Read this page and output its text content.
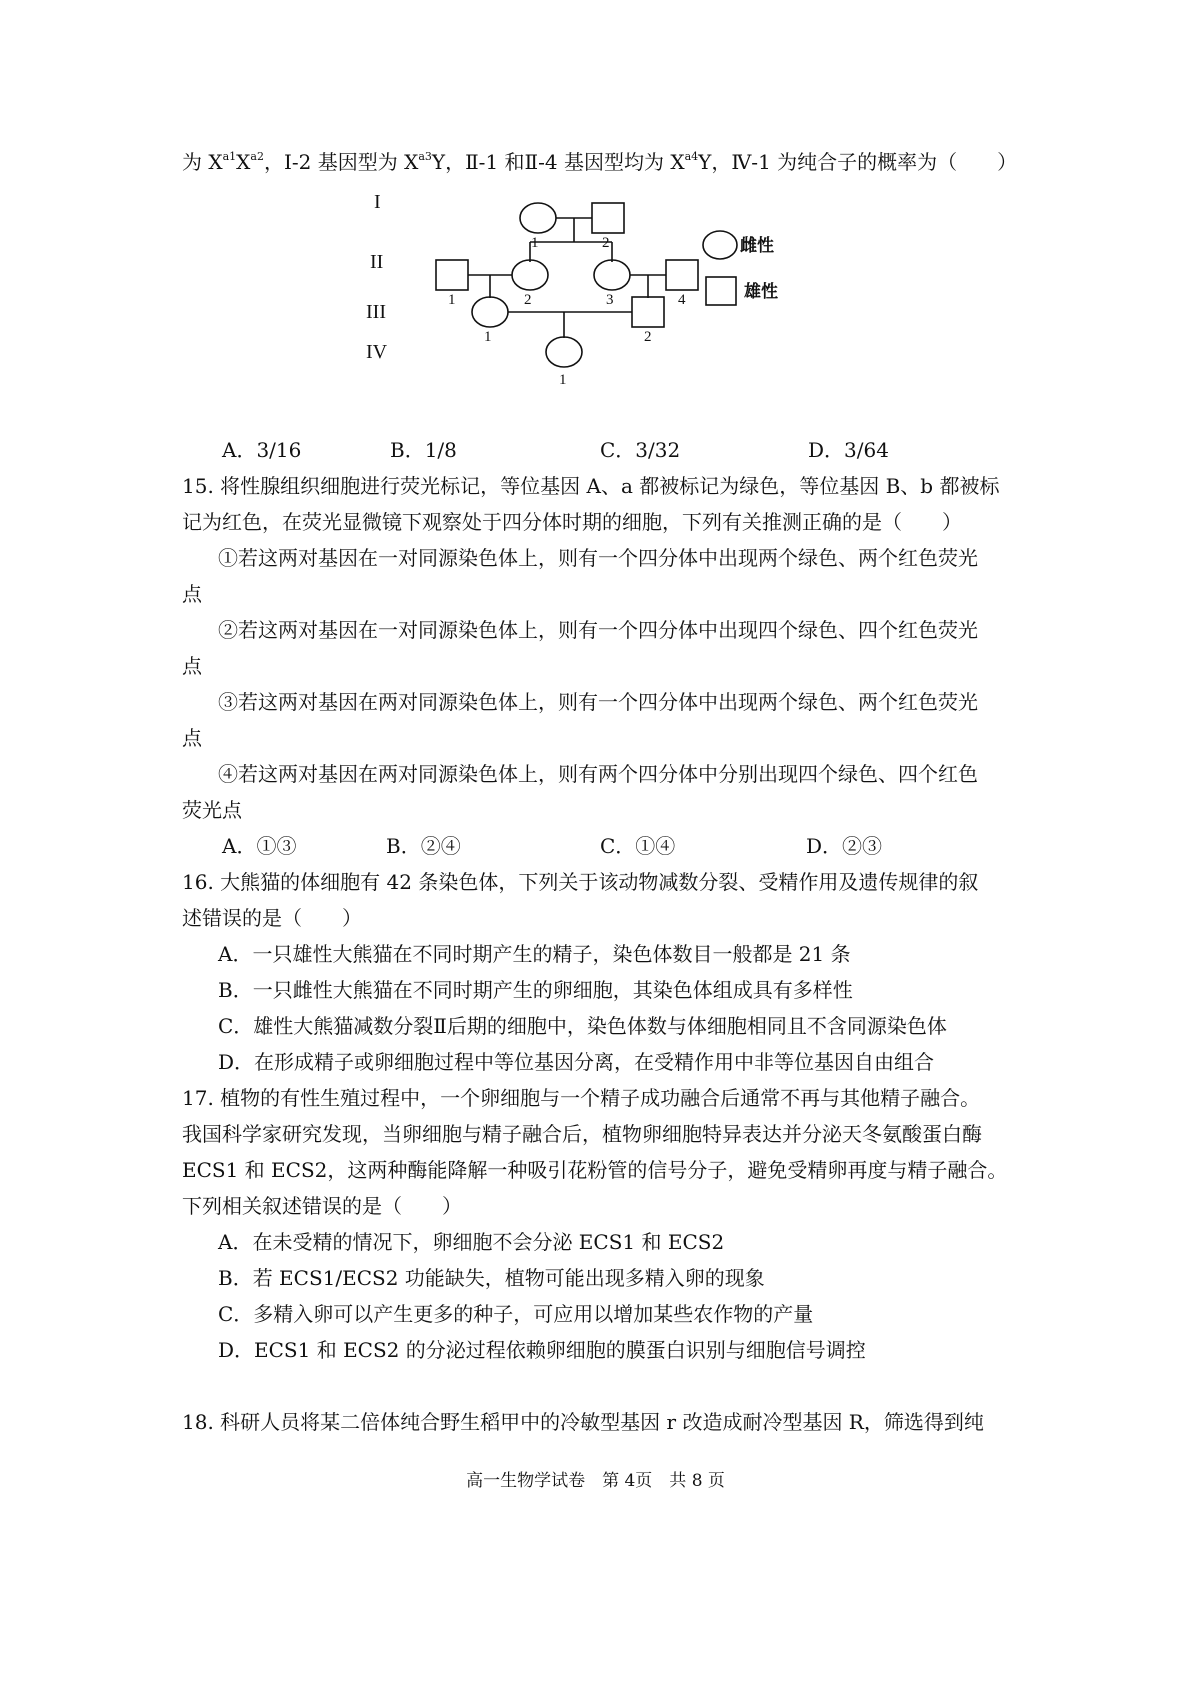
为 $X^{a1}X^{a2}$，I-2 基因型为 $X^{a3}Y$，Ⅱ-1 和Ⅱ-4 基因型均为 $X^{a4}Y$，Ⅳ-1 为纯合子的概率为（　　）
I
II
III
IV
1	2
1	2	3	4
1	2
1
雌性
雄性
A．3/16	B．1/8	C．3/32	D．3/64
15. 将性腺组织细胞进行荧光标记，等位基因 A、a 都被标记为绿色，等位基因 B、b 都被标
记为红色，在荧光显微镜下观察处于四分体时期的细胞，下列有关推测正确的是（　　）
①若这两对基因在一对同源染色体上，则有一个四分体中出现两个绿色、两个红色荧光
点
②若这两对基因在一对同源染色体上，则有一个四分体中出现四个绿色、四个红色荧光
点
③若这两对基因在两对同源染色体上，则有一个四分体中出现两个绿色、两个红色荧光
点
④若这两对基因在两对同源染色体上，则有两个四分体中分别出现四个绿色、四个红色
荧光点
A．①③	B．②④	C．①④	D．②③
16. 大熊猫的体细胞有 42 条染色体，下列关于该动物减数分裂、受精作用及遗传规律的叙
述错误的是（　　）
A．一只雄性大熊猫在不同时期产生的精子，染色体数目一般都是 21 条
B．一只雌性大熊猫在不同时期产生的卵细胞，其染色体组成具有多样性
C．雄性大熊猫减数分裂Ⅱ后期的细胞中，染色体数与体细胞相同且不含同源染色体
D．在形成精子或卵细胞过程中等位基因分离，在受精作用中非等位基因自由组合
17. 植物的有性生殖过程中，一个卵细胞与一个精子成功融合后通常不再与其他精子融合。
我国科学家研究发现，当卵细胞与精子融合后，植物卵细胞特异表达并分泌天冬氨酸蛋白酶
ECS1 和 ECS2，这两种酶能降解一种吸引花粉管的信号分子，避免受精卵再度与精子融合。
下列相关叙述错误的是（　　）
A．在未受精的情况下，卵细胞不会分泌 ECS1 和 ECS2
B．若 ECS1/ECS2 功能缺失，植物可能出现多精入卵的现象
C．多精入卵可以产生更多的种子，可应用以增加某些农作物的产量
D．ECS1 和 ECS2 的分泌过程依赖卵细胞的膜蛋白识别与细胞信号调控
18. 科研人员将某二倍体纯合野生稻甲中的冷敏型基因 r 改造成耐冷型基因 R，筛选得到纯
高一生物学试卷　第 4页　共 8 页
